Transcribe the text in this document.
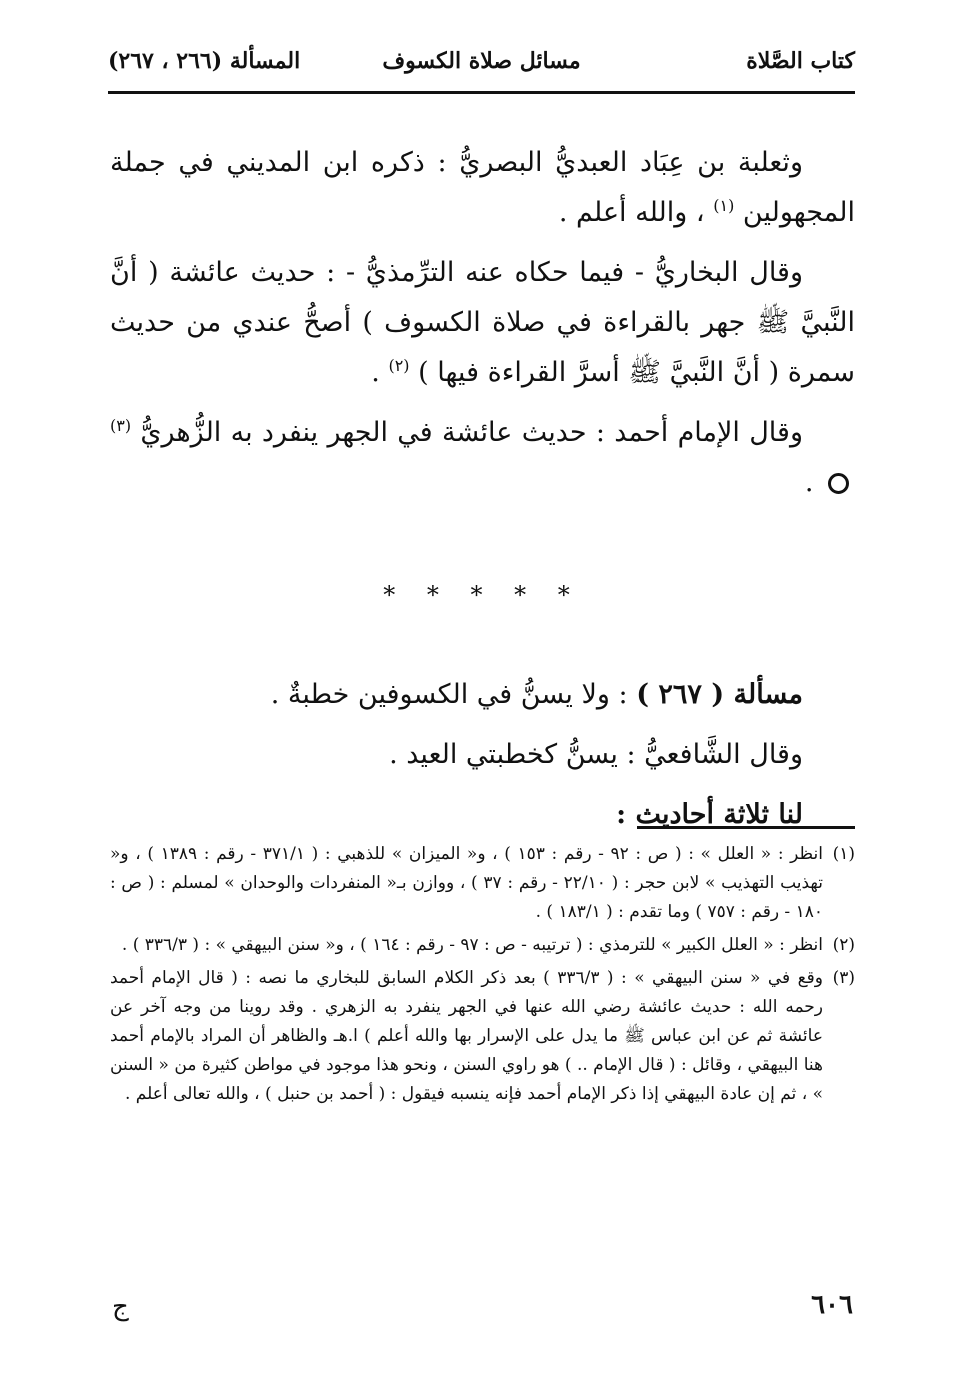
كتاب الصَّلاة
مسائل صلاة الكسوف
المسألة (٢٦٦ ، ٢٦٧)

وثعلبة بن عِبَاد العبديُّ البصريُّ : ذكره ابن المديني في جملة المجهولين $^{(١)}$ ، والله أعلم .

وقال البخاريُّ - فيما حكاه عنه الترِّمذيُّ - : حديث عائشة ( أنَّ النَّبيَّ ﷺ جهر بالقراءة في صلاة الكسوف ) أصحُّ عندي من حديث سمرة ( أنَّ النَّبيَّ ﷺ أسرَّ القراءة فيها ) $^{(٢)}$ .

وقال الإمام أحمد : حديث عائشة في الجهر ينفرد به الزُّهريُّ $^{(٣)}$  .

* * * * *

مسألة ( ٢٦٧ ) : ولا يسنُّ في الكسوفين خطبةٌ .

وقال الشَّافعيُّ : يسنُّ كخطبتي العيد .

لنا ثلاثة أحاديث :

(١)
انظر : « العلل » : ( ص : ٩٢ - رقم : ١٥٣ ) ، و« الميزان » للذهبي : ( ٣٧١/١ - رقم : ١٣٨٩ ) ، و« تهذيب التهذيب » لابن حجر : ( ٢٢/١٠ - رقم : ٣٧ ) ، ووازن بـ« المنفردات والوحدان » لمسلم : ( ص : ١٨٠ - رقم : ٧٥٧ ) وما تقدم : ( ١٨٣/١ ) .

(٢)
انظر : « العلل الكبير » للترمذي : ( ترتيبه - ص : ٩٧ - رقم : ١٦٤ ) ، و« سنن البيهقي » : ( ٣٣٦/٣ ) .

(٣)
وقع في « سنن البيهقي » : ( ٣٣٦/٣ ) بعد ذكر الكلام السابق للبخاري ما نصه : ( قال الإمام أحمد رحمه الله : حديث عائشة رضي الله عنها في الجهر ينفرد به الزهري . وقد روينا من وجه آخر عن عائشة ثم عن ابن عباس ﷺ ما يدل على الإسرار بها والله أعلم ) ا.هـ والظاهر أن المراد بالإمام أحمد هنا البيهقي ، وقائل : ( قال الإمام .. ) هو راوي السنن ، ونحو هذا موجود في مواطن كثيرة من « السنن » ، ثم إن عادة البيهقي إذا ذكر الإمام أحمد فإنه ينسبه فيقول : ( أحمد بن حنبل ) ، والله تعالى أعلم .

٦٠٦
ج
